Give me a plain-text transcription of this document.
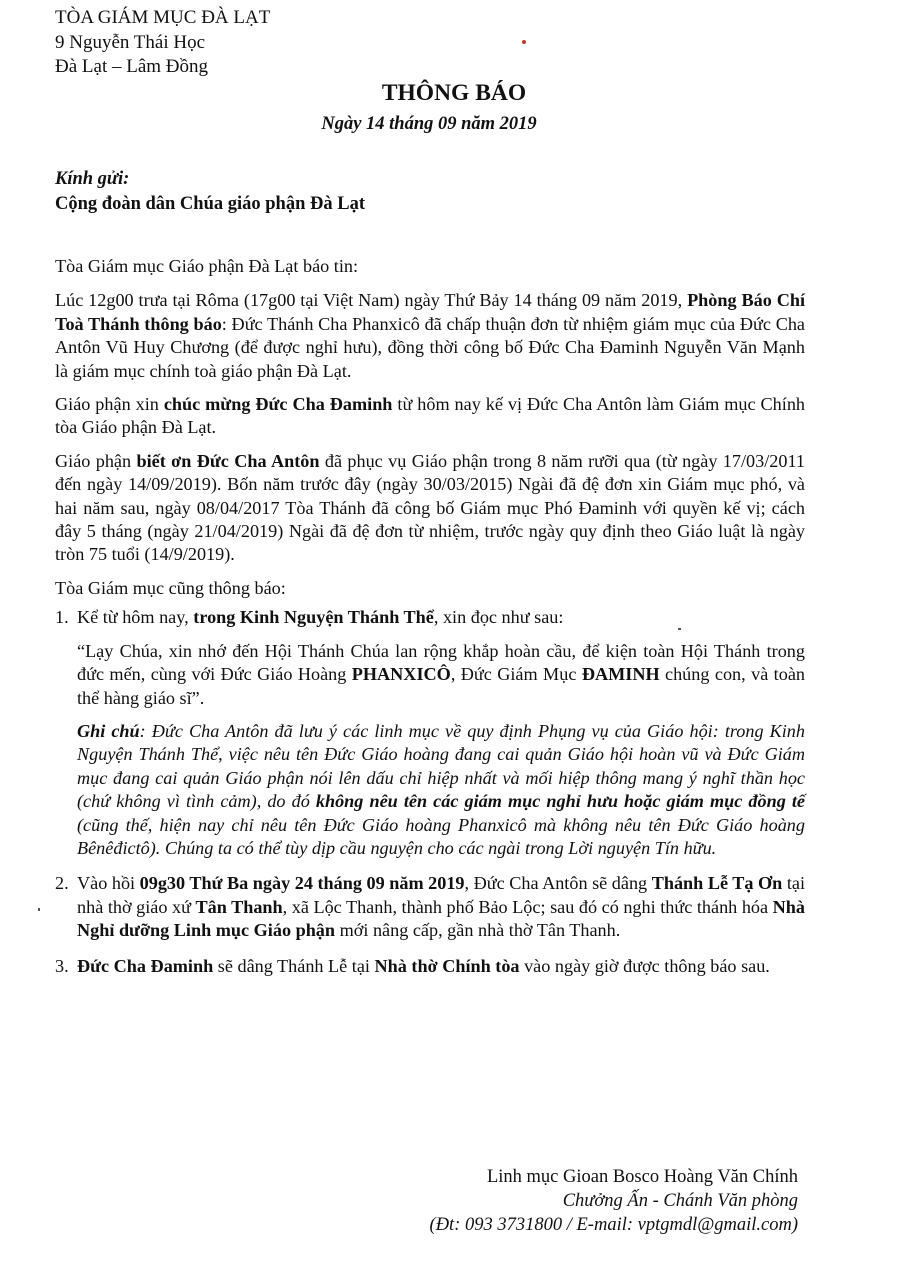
TÒA GIÁM MỤC ĐÀ LẠT
9 Nguyễn Thái Học
Đà Lạt – Lâm Đồng
THÔNG BÁO
Ngày 14 tháng 09 năm 2019
Kính gửi:
Cộng đoàn dân Chúa giáo phận Đà Lạt
Tòa Giám mục Giáo phận Đà Lạt báo tin:
Lúc 12g00 trưa tại Rôma (17g00 tại Việt Nam) ngày Thứ Bảy 14 tháng 09 năm 2019, Phòng Báo Chí Toà Thánh thông báo: Đức Thánh Cha Phanxicô đã chấp thuận đơn từ nhiệm giám mục của Đức Cha Antôn Vũ Huy Chương (để được nghỉ hưu), đồng thời công bố Đức Cha Đaminh Nguyễn Văn Mạnh là giám mục chính toà giáo phận Đà Lạt.
Giáo phận xin chúc mừng Đức Cha Đaminh từ hôm nay kế vị Đức Cha Antôn làm Giám mục Chính tòa Giáo phận Đà Lạt.
Giáo phận biết ơn Đức Cha Antôn đã phục vụ Giáo phận trong 8 năm rưỡi qua (từ ngày 17/03/2011 đến ngày 14/09/2019). Bốn năm trước đây (ngày 30/03/2015) Ngài đã đệ đơn xin Giám mục phó, và hai năm sau, ngày 08/04/2017 Tòa Thánh đã công bố Giám mục Phó Đaminh với quyền kế vị; cách đây 5 tháng (ngày 21/04/2019) Ngài đã đệ đơn từ nhiệm, trước ngày quy định theo Giáo luật là ngày tròn 75 tuổi (14/9/2019).
Tòa Giám mục cũng thông báo:
1. Kể từ hôm nay, trong Kinh Nguyện Thánh Thể, xin đọc như sau:
“Lạy Chúa, xin nhớ đến Hội Thánh Chúa lan rộng khắp hoàn cầu, để kiện toàn Hội Thánh trong đức mến, cùng với Đức Giáo Hoàng PHANXICÔ, Đức Giám Mục ĐAMINH chúng con, và toàn thể hàng giáo sĩ”.
Ghi chú: Đức Cha Antôn đã lưu ý các linh mục về quy định Phụng vụ của Giáo hội: trong Kinh Nguyện Thánh Thể, việc nêu tên Đức Giáo hoàng đang cai quản Giáo hội hoàn vũ và Đức Giám mục đang cai quản Giáo phận nói lên dấu chỉ hiệp nhất và mối hiệp thông mang ý nghĩ thần học (chứ không vì tình cảm), do đó không nêu tên các giám mục nghỉ hưu hoặc giám mục đồng tế (cũng thế, hiện nay chỉ nêu tên Đức Giáo hoàng Phanxicô mà không nêu tên Đức Giáo hoàng Bênêđictô). Chúng ta có thể tùy dịp cầu nguyện cho các ngài trong Lời nguyện Tín hữu.
2. Vào hồi 09g30 Thứ Ba ngày 24 tháng 09 năm 2019, Đức Cha Antôn sẽ dâng Thánh Lễ Tạ Ơn tại nhà thờ giáo xứ Tân Thanh, xã Lộc Thanh, thành phố Bảo Lộc; sau đó có nghi thức thánh hóa Nhà Nghỉ dưỡng Linh mục Giáo phận mới nâng cấp, gần nhà thờ Tân Thanh.
3. Đức Cha Đaminh sẽ dâng Thánh Lễ tại Nhà thờ Chính tòa vào ngày giờ được thông báo sau.
Linh mục Gioan Bosco Hoàng Văn Chính
Chưởng Ấn - Chánh Văn phòng
(Đt: 093 3731800 / E-mail: vptgmdl@gmail.com)
